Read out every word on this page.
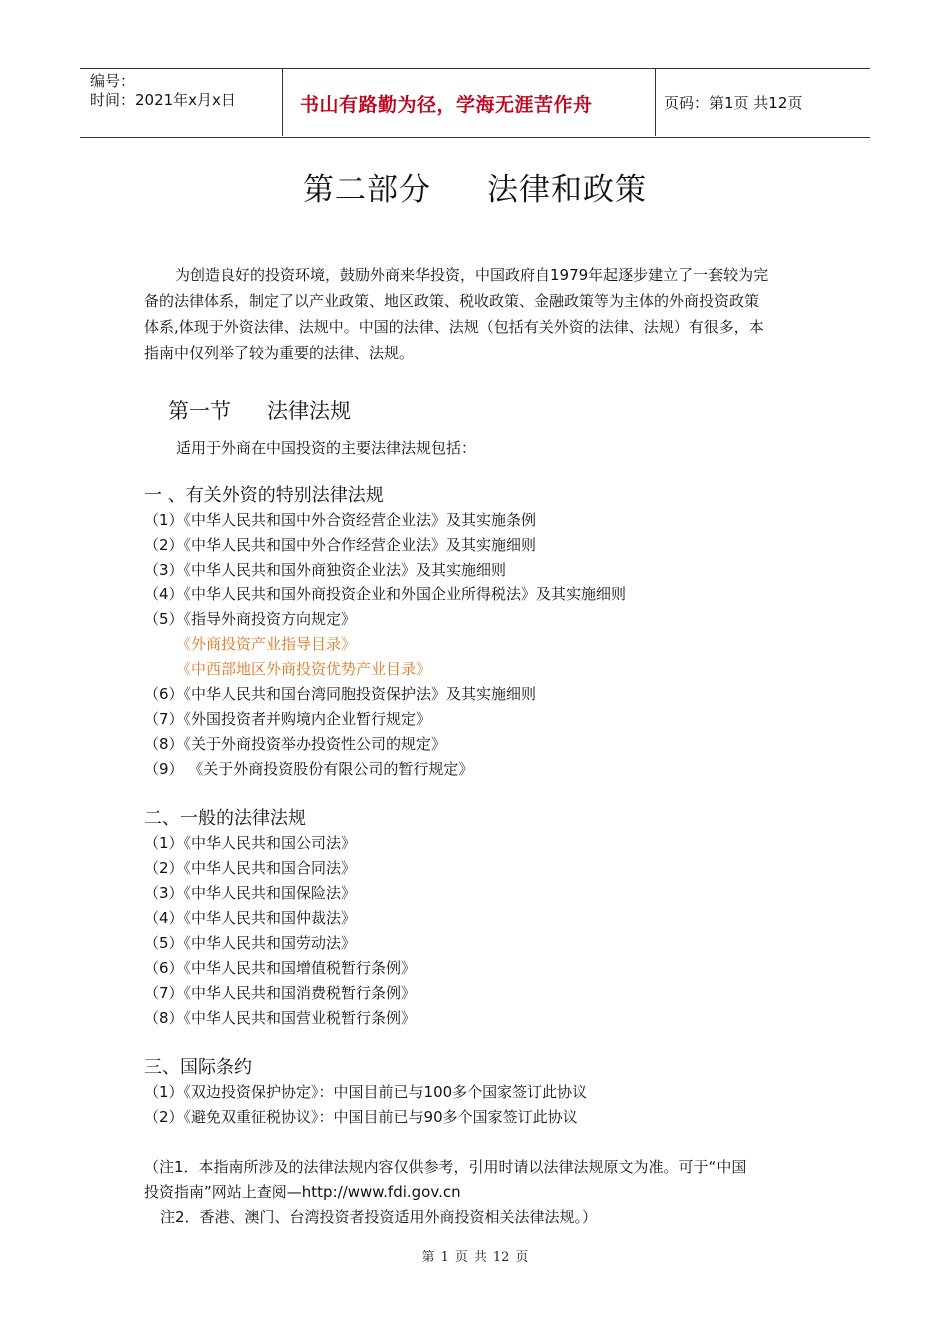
编号：
时间：2021年x月x日	书山有路勤为径，学海无涯苦作舟	页码：第1页 共12页
第二部分 法律和政策
为创造良好的投资环境，鼓励外商来华投资，中国政府自1979年起逐步建立了一套较为完
备的法律体系，制定了以产业政策、地区政策、税收政策、金融政策等为主体的外商投资政策
体系,体现于外资法律、法规中。中国的法律、法规（包括有关外资的法律、法规）有很多，本
指南中仅列举了较为重要的法律、法规。
第一节 法律法规
适用于外商在中国投资的主要法律法规包括：
一 、有关外资的特别法律法规
（1）《中华人民共和国中外合资经营企业法》及其实施条例
（2）《中华人民共和国中外合作经营企业法》及其实施细则
（3）《中华人民共和国外商独资企业法》及其实施细则
（4）《中华人民共和国外商投资企业和外国企业所得税法》及其实施细则
（5）《指导外商投资方向规定》
《外商投资产业指导目录》
《中西部地区外商投资优势产业目录》
（6）《中华人民共和国台湾同胞投资保护法》及其实施细则
（7）《外国投资者并购境内企业暂行规定》
（8）《关于外商投资举办投资性公司的规定》
（9） 《关于外商投资股份有限公司的暂行规定》
二、一般的法律法规
（1）《中华人民共和国公司法》
（2）《中华人民共和国合同法》
（3）《中华人民共和国保险法》
（4）《中华人民共和国仲裁法》
（5）《中华人民共和国劳动法》
（6）《中华人民共和国增值税暂行条例》
（7）《中华人民共和国消费税暂行条例》
（8）《中华人民共和国营业税暂行条例》
三、国际条约
（1）《双边投资保护协定》：中国目前已与100多个国家签订此协议
（2）《避免双重征税协议》：中国目前已与90多个国家签订此协议
（注1．本指南所涉及的法律法规内容仅供参考，引用时请以法律法规原文为准。可于“中国
投资指南”网站上查阅—http://www.fdi.gov.cn
注2．香港、澳门、台湾投资者投资适用外商投资相关法律法规。）
第 1 页 共 12 页
